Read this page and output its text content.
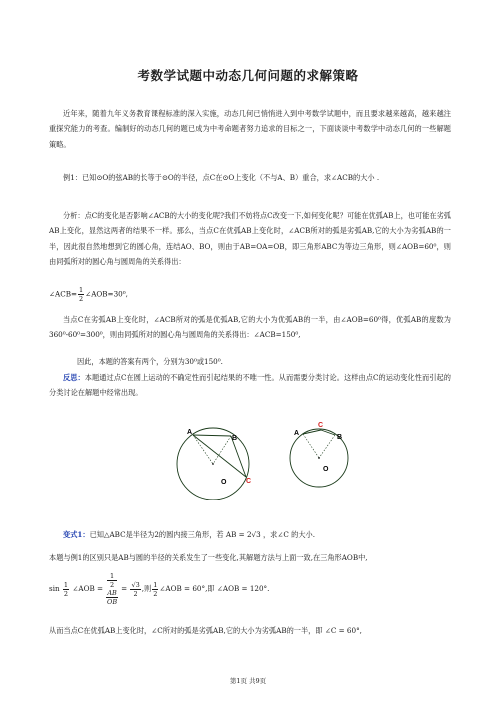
考数学试题中动态几何问题的求解策略
近年来，随着九年义务教育课程标准的深入实施，动态几何已悄悄进入到中考数学试题中，而且要求越来越高，越来越注重探究能力的考查。编制好的动态几何的题已成为中考命题者努力追求的目标之一，下面谈谈中考数学中动态几何的一些解题策略。
例1：已知⊙O的弦AB的长等于⊙O的半径，点C在⊙O上变化（不与A、B）重合，求∠ACB的大小 .
分析：点C的变化是否影响∠ACB的大小的变化呢?我们不妨将点C改变一下,如何变化呢？可能在优弧AB上，也可能在劣弧AB上变化，显然这两者的结果不一样。那么，当点C在优弧AB上变化时，∠ACB所对的弧是劣弧AB,它的大小为劣弧AB的一半，因此很自然地想到它的圆心角，连结AO、BO，则由于AB=OA=OB，即三角形ABC为等边三角形，则∠AOB=60⁰，则由同弧所对的圆心角与圆周角的关系得出：
∠ACB= $\frac{1}{2}$ ∠AOB=30⁰,
当点C在劣弧AB上变化时，∠ACB所对的弧是优弧AB,它的大小为优弧AB的一半，由∠AOB=60⁰得，优弧AB的度数为360⁰-60⁰=300⁰，则由同弧所对的圆心角与圆周角的关系得出：∠ACB=150⁰,
因此，本题的答案有两个，分别为30⁰或150⁰.
反思：本题通过点C在圆上运动的不确定性而引起结果的不唯一性。从而需要分类讨论。这样由点C的运动变化性而引起的分类讨论在解题中经常出现。
A
B
O	C
A
C
B
O
变式1：已知△ABC是半径为2的圆内接三角形，若 AB = 2√3 ，求∠C 的大小.
本题与例1的区别只是AB与圆的半径的关系发生了一些变化,其解题方法与上面一致,在三角形AOB中,
$\sin \frac{1}{2}$ ∠AOB = 1
2
AB
OB = $\frac{√3}{2}$ ,则 $\frac{1}{2}$ ∠AOB = 60°,即 ∠AOB = 120°.
从而当点C在优弧AB上变化时，∠C所对的弧是劣弧AB,它的大小为劣弧AB的一半，即 ∠C = 60°,
第1页 共9页
